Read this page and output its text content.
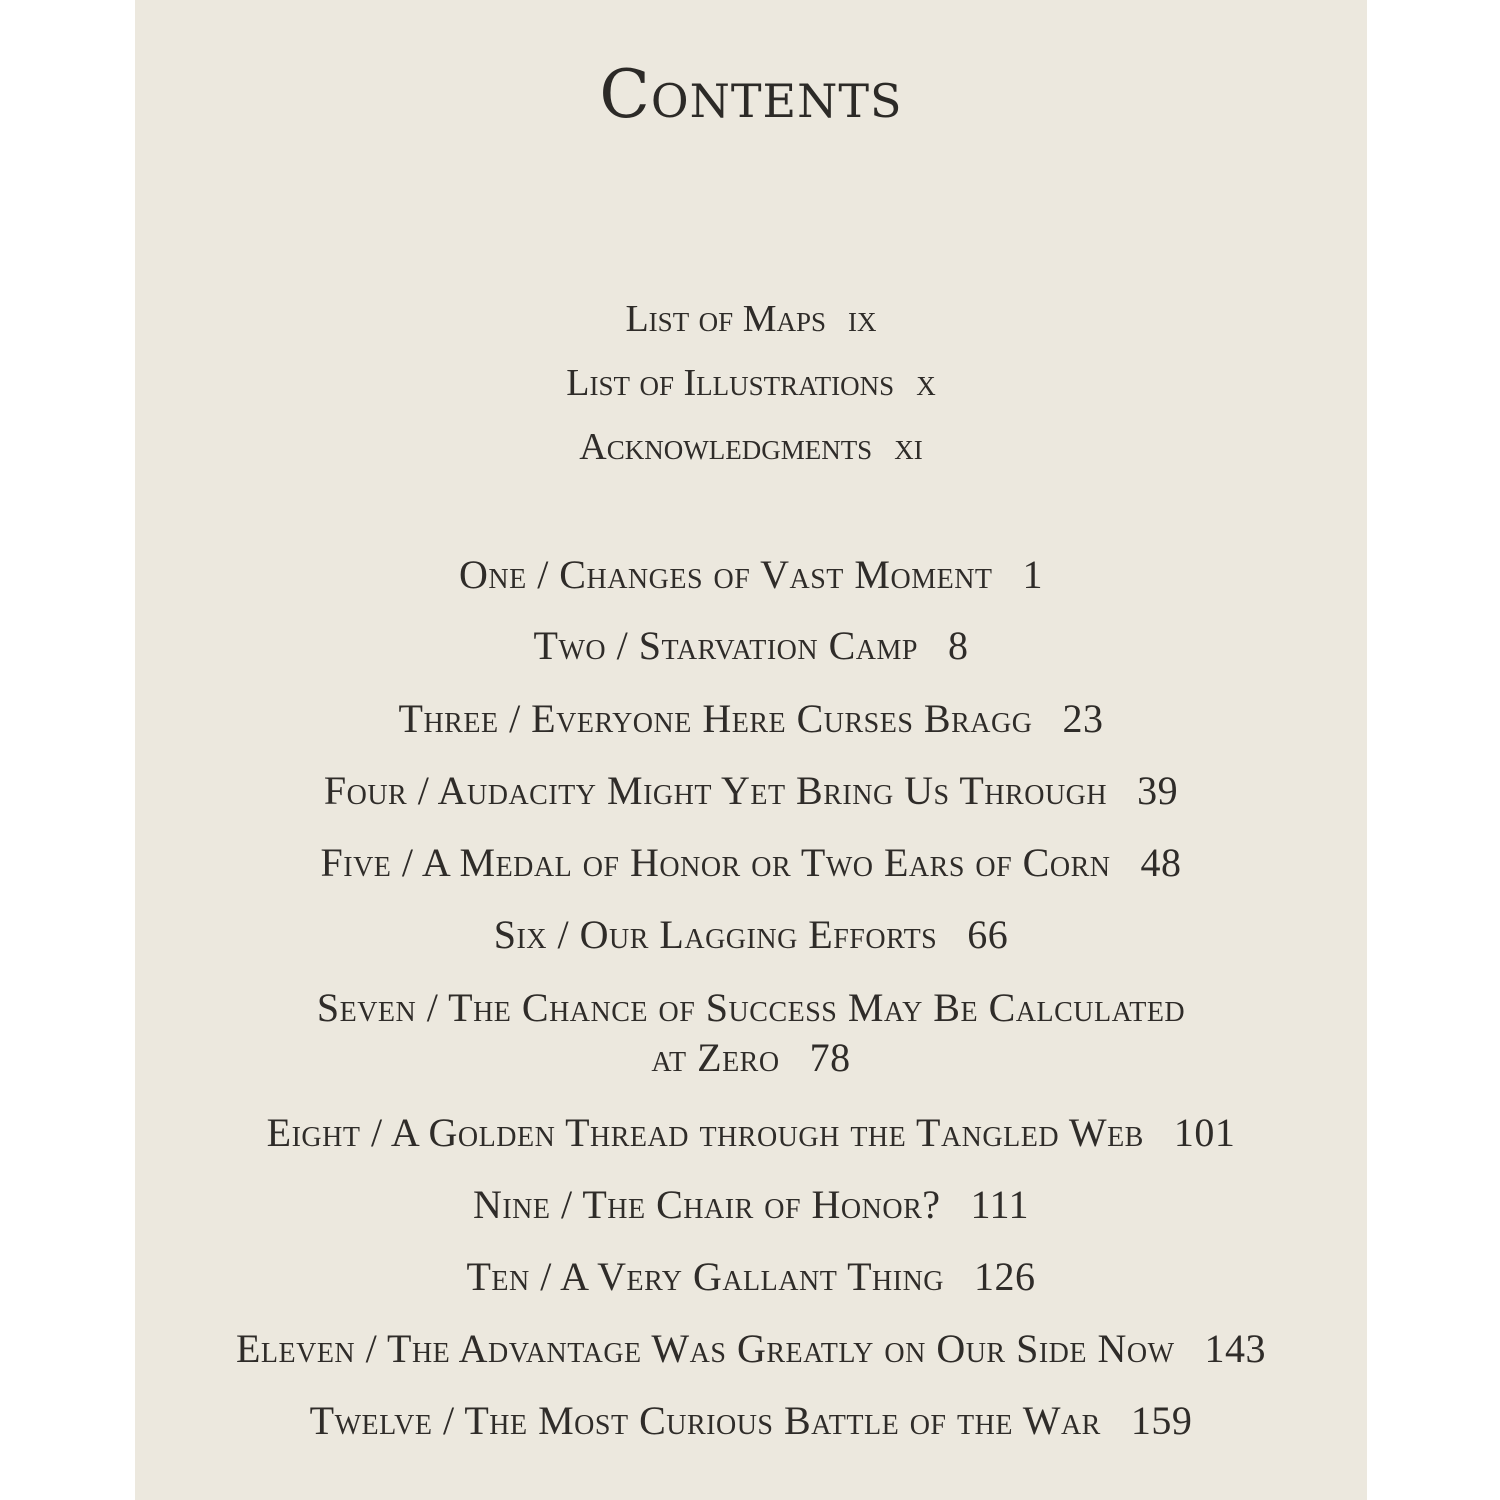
Contents
List of Maps ix
List of Illustrations x
Acknowledgments xi
One / Changes of Vast Moment 1
Two / Starvation Camp 8
Three / Everyone Here Curses Bragg 23
Four / Audacity Might Yet Bring Us Through 39
Five / A Medal of Honor or Two Ears of Corn 48
Six / Our Lagging Efforts 66
Seven / The Chance of Success May Be Calculated
at Zero 78
Eight / A Golden Thread through the Tangled Web 101
Nine / The Chair of Honor? 111
Ten / A Very Gallant Thing 126
Eleven / The Advantage Was Greatly on Our Side Now 143
Twelve / The Most Curious Battle of the War 159
